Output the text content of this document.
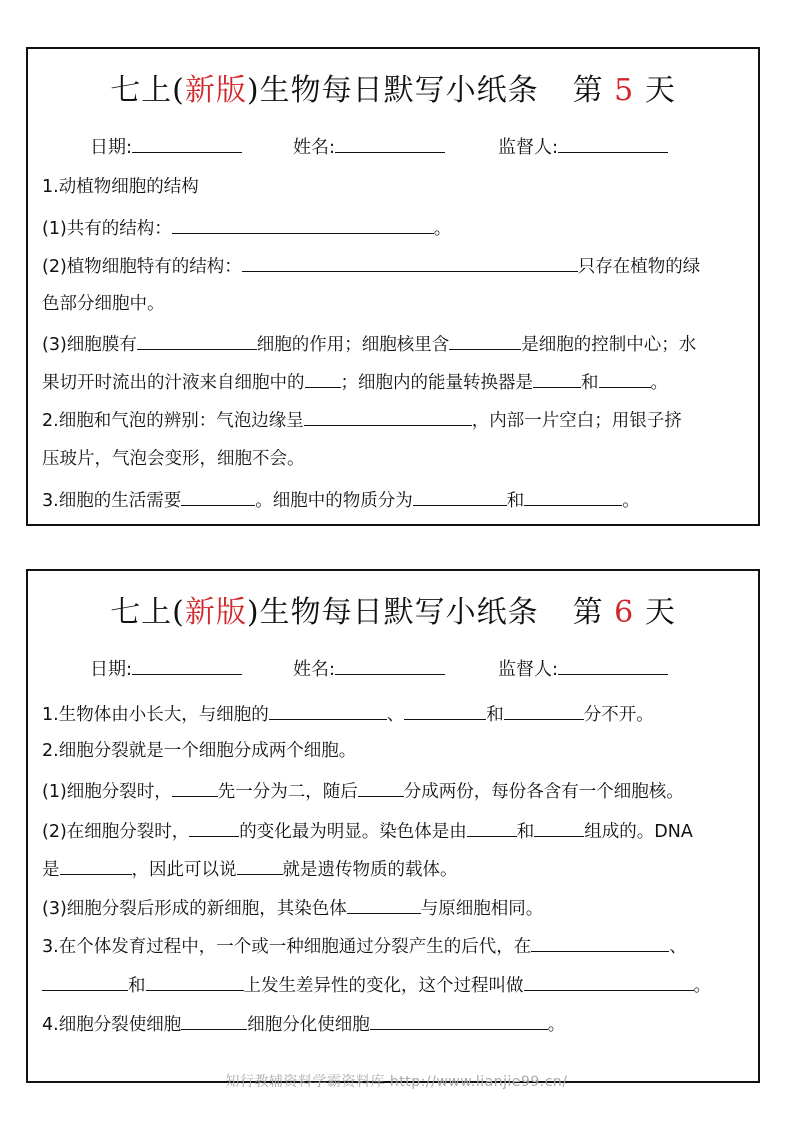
七上(新版)生物每日默写小纸条 第 5 天
日期:	姓名:	监督人:
1.动植物细胞的结构
(1)共有的结构：	。
(2)植物细胞特有的结构：	只存在植物的绿
色部分细胞中。
(3)细胞膜有	细胞的作用；细胞核里含	是细胞的控制中心；水
果切开时流出的汁液来自细胞中的 ；细胞内的能量转换器是	和	。
2.细胞和气泡的辨别：气泡边缘呈	，内部一片空白；用银子挤
压玻片，气泡会变形，细胞不会。
3.细胞的生活需要	。细胞中的物质分为	和	。
七上(新版)生物每日默写小纸条 第 6 天
日期:	姓名:	监督人:
1.生物体由小长大，与细胞的	、	和	分不开。
2.细胞分裂就是一个细胞分成两个细胞。
(1)细胞分裂时，	先一分为二，随后	分成两份，每份各含有一个细胞核。
(2)在细胞分裂时，	的变化最为明显。染色体是由	和	组成的。DNA
是	，因此可以说	就是遗传物质的载体。
(3)细胞分裂后形成的新细胞，其染色体	与原细胞相同。
3.在个体发育过程中，一个或一种细胞通过分裂产生的后代，在	、
和	上发生差异性的变化，这个过程叫做	。
4.细胞分裂使细胞	细胞分化使细胞	。
知行教辅资料学霸资料库 http://www.lianjie99.cn/
